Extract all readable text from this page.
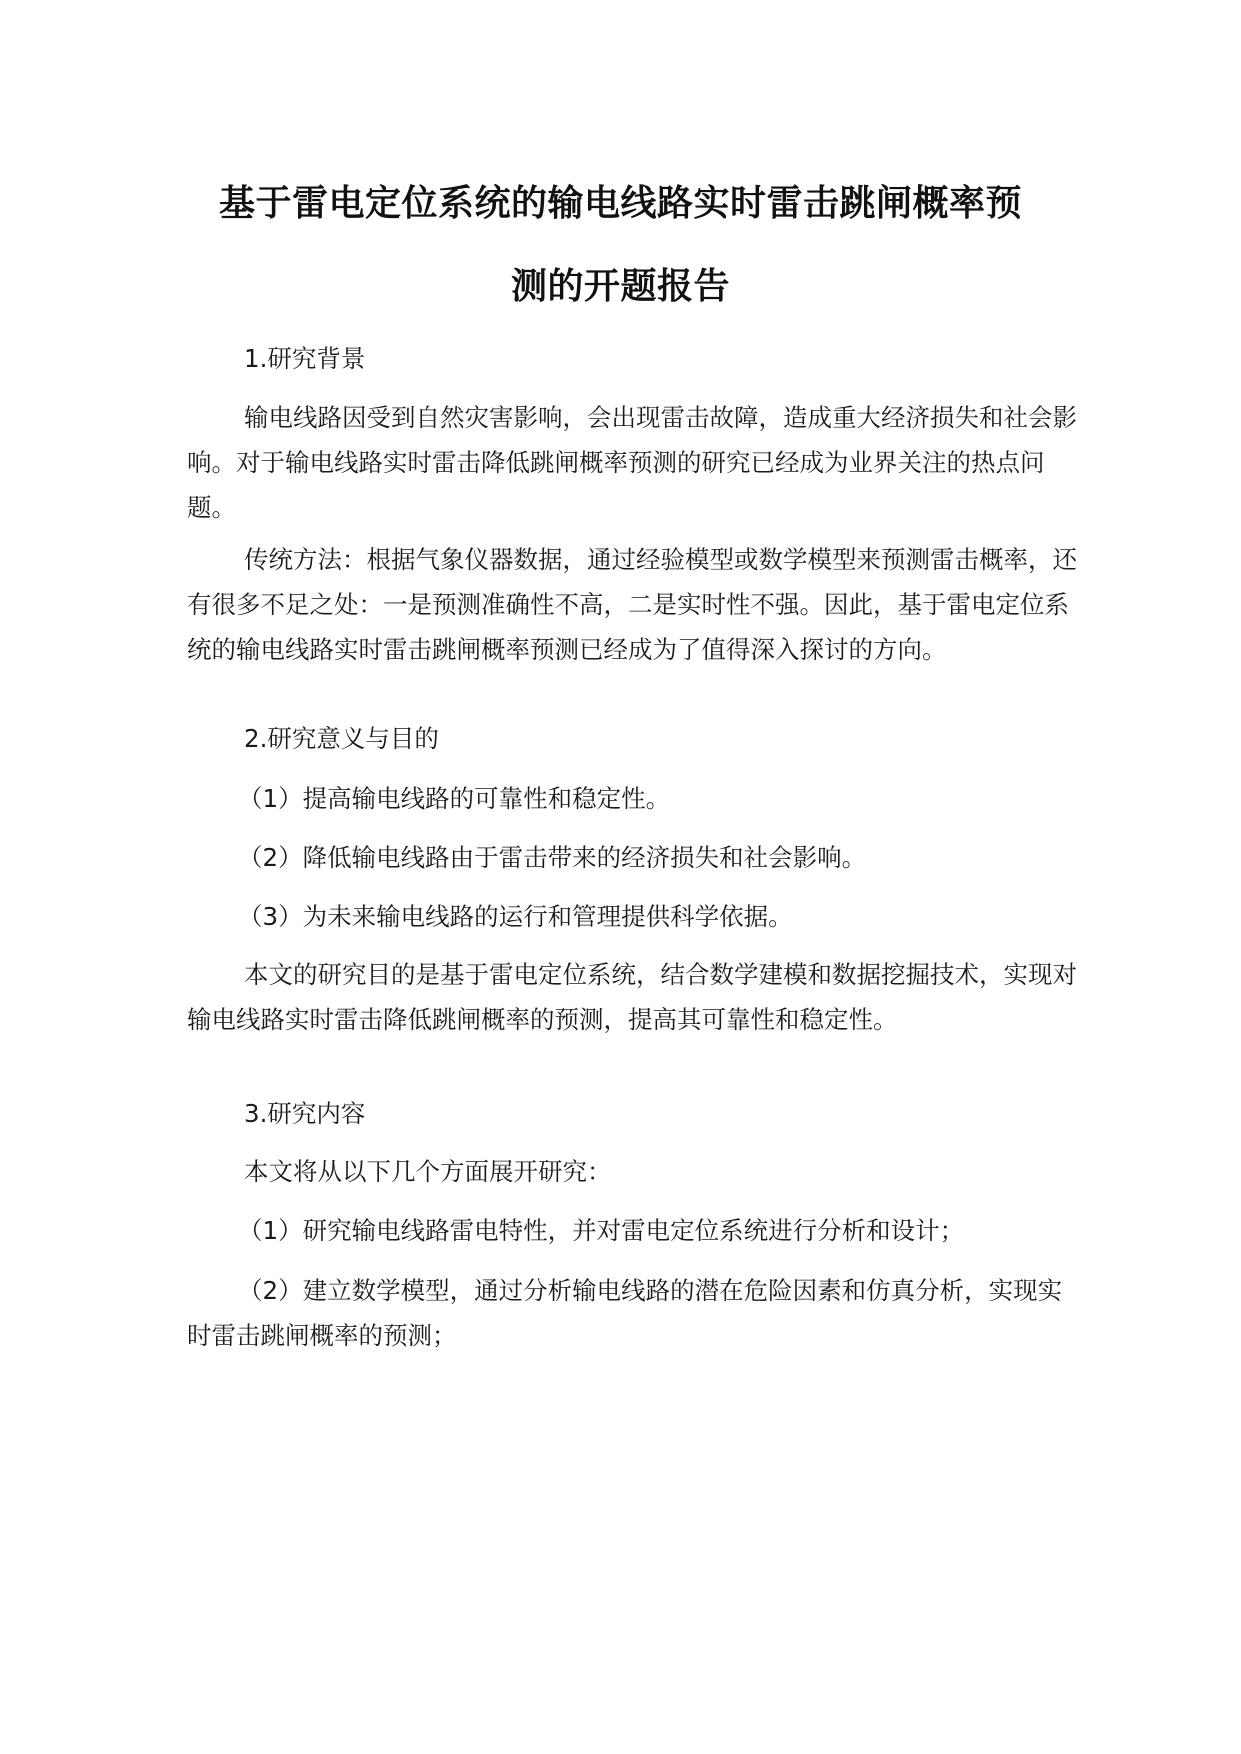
基于雷电定位系统的输电线路实时雷击跳闸概率预
测的开题报告
1.研究背景
输电线路因受到自然灾害影响，会出现雷击故障，造成重大经济损失和社会影响。对于输电线路实时雷击降低跳闸概率预测的研究已经成为业界关注的热点问题。
传统方法：根据气象仪器数据，通过经验模型或数学模型来预测雷击概率，还有很多不足之处：一是预测准确性不高，二是实时性不强。因此，基于雷电定位系统的输电线路实时雷击跳闸概率预测已经成为了值得深入探讨的方向。
2.研究意义与目的
（1）提高输电线路的可靠性和稳定性。
（2）降低输电线路由于雷击带来的经济损失和社会影响。
（3）为未来输电线路的运行和管理提供科学依据。
本文的研究目的是基于雷电定位系统，结合数学建模和数据挖掘技术，实现对输电线路实时雷击降低跳闸概率的预测，提高其可靠性和稳定性。
3.研究内容
本文将从以下几个方面展开研究：
（1）研究输电线路雷电特性，并对雷电定位系统进行分析和设计；
（2）建立数学模型，通过分析输电线路的潜在危险因素和仿真分析，实现实时雷击跳闸概率的预测；
